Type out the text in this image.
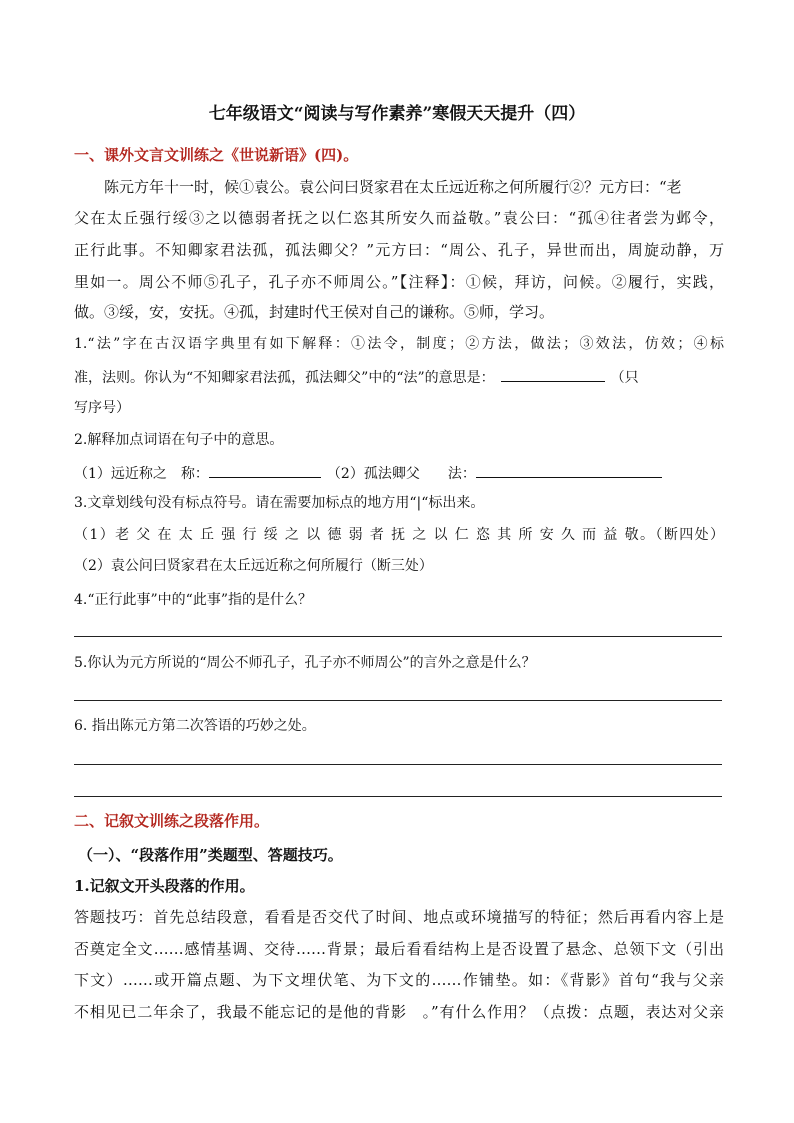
七年级语文“阅读与写作素养”寒假天天提升（四）
一、课外文言文训练之《世说新语》(四)。
陈元方年十一时，候①袁公。袁公问曰贤家君在太丘远近称之何所履行②？元方曰：“老
父在太丘强行绥③之以德弱者抚之以仁恣其所安久而益敬。”袁公曰：“孤④往者尝为邺令，
正行此事。不知卿家君法孤，孤法卿父？”元方曰：“周公、孔子，异世而出，周旋动静，万
里如一。周公不师⑤孔子，孔子亦不师周公。”【注释】：①候，拜访，问候。②履行，实践，
做。③绥，安，安抚。④孤，封建时代王侯对自己的谦称。⑤师，学习。
1.“法”字在古汉语字典里有如下解释：①法令，制度；②方法，做法；③效法，仿效；④标
准，法则。你认为“不知卿家君法孤，孤法卿父”中的“法”的意思是：	（只
写序号）
2.解释加点词语在句子中的意思。
（1）远近称之　称：	（2）孤法卿父　　法：
3.文章划线句没有标点符号。请在需要加标点的地方用“|“标出来。
（1）老 父 在 太 丘 强 行 绥 之 以 德 弱 者 抚 之 以 仁 恣 其 所 安 久 而 益 敬。（断四处）
（2）袁公问曰贤家君在太丘远近称之何所履行（断三处）
4.“正行此事”中的“此事”指的是什么？
5.你认为元方所说的“周公不师孔子，孔子亦不师周公”的言外之意是什么？
6. 指出陈元方第二次答语的巧妙之处。
二、记叙文训练之段落作用。
（一）、“段落作用”类题型、答题技巧。
1.记叙文开头段落的作用。
答题技巧：首先总结段意，看看是否交代了时间、地点或环境描写的特征；然后再看内容上是
否奠定全文……感情基调、交待……背景；最后看看结构上是否设置了悬念、总领下文（引出
下文）……或开篇点题、为下文埋伏笔、为下文的……作铺垫。如：《背影》首句“我与父亲
不相见已二年余了，我最不能忘记的是他的背影　。”有什么作用？（点拨：点题，表达对父亲
